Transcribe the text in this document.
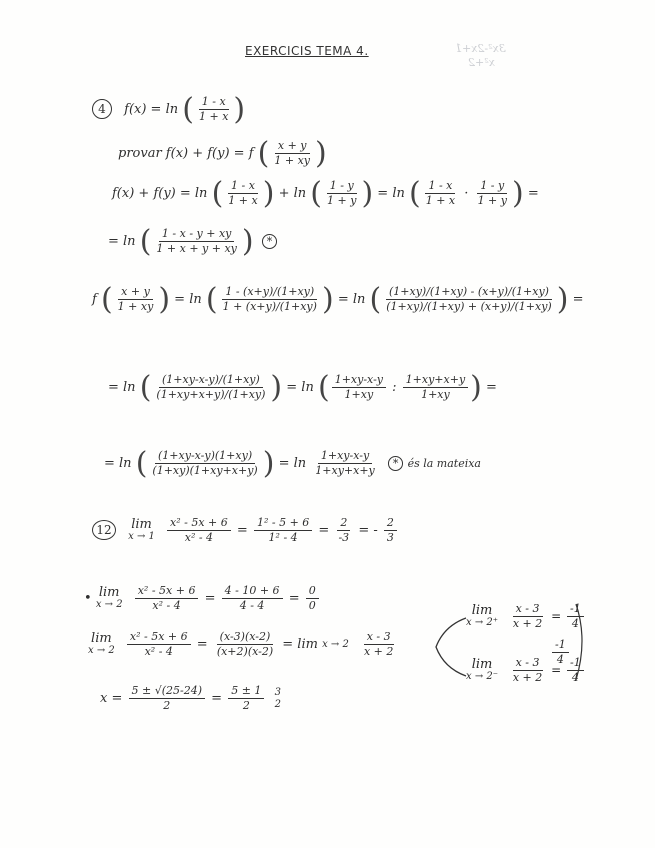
3x²-2x+1
x²+2
EXERCICIS TEMA 4.
4 f(x) = ln ( $\frac{1 - x}{1 + x}$ )
provar f(x) + f(y) = f ( $\frac{x + y}{1 + xy}$ )
f(x) + f(y) = ln ( $\frac{1 - x}{1 + x}$ ) + ln ( $\frac{1 - y}{1 + y}$ ) = ln ( $\frac{1 - x}{1 + x} \cdot \frac{1 - y}{1 + y}$ ) =
= ln ( $\frac{1 - x - y + xy}{1 + x + y + xy}$ ) *
f ( $\frac{x + y}{1 + xy}$ ) = ln ( $\frac{1 - (x+y)/(1+xy)}{1 + (x+y)/(1+xy)}$ ) = ln ( $\frac{(1+xy)/(1+xy) - (x+y)/(1+xy)}{(1+xy)/(1+xy) + (x+y)/(1+xy)}$ ) =
= ln ( $\frac{(1+xy-x-y)/(1+xy)}{(1+xy+x+y)/(1+xy)}$ ) = ln ( $\frac{1+xy-x-y}{1+xy}$ : $\frac{1+xy+x+y}{1+xy}$ ) =
= ln ( $\frac{(1+xy-x-y)(1+xy)}{(1+xy)(1+xy+x+y)}$ ) = $\ln \frac{1+xy-x-y}{1+xy+x+y}$ * és la mateixa
12 lim
x → 1
$\frac{\text{x² - 5x + 6}}{\text{x² - 4}} = \frac{\text{1² - 5 + 6}}{\text{1² - 4}} = \frac{2}{-3}$ = - $\frac{2}{3}$
• lim
x → 2
$\frac{\text{x² - 5x + 6}}{\text{x² - 4}} = \frac{4 - 10 + 6}{4 - 4} = \frac{0}{0}$
lim
x → 2
$\frac{\text{x² - 5x + 6}}{\text{x² - 4}} = \frac{(x-3)(x-2)}{(x+2)(x-2)} = \lim x \to 2$
$\frac{x - 3}{x + 2}$
lim
x → 2⁺
$\frac{x - 3}{x + 2} = \frac{-1}{4}$
$\frac{-1}{4}$
lim
x → 2⁻
$\frac{x - 3}{x + 2} = \frac{-1}{4}$
$x = \frac{5 \pm √(25-24)}{2} = \frac{5 \pm 1}{2}$
3
2
